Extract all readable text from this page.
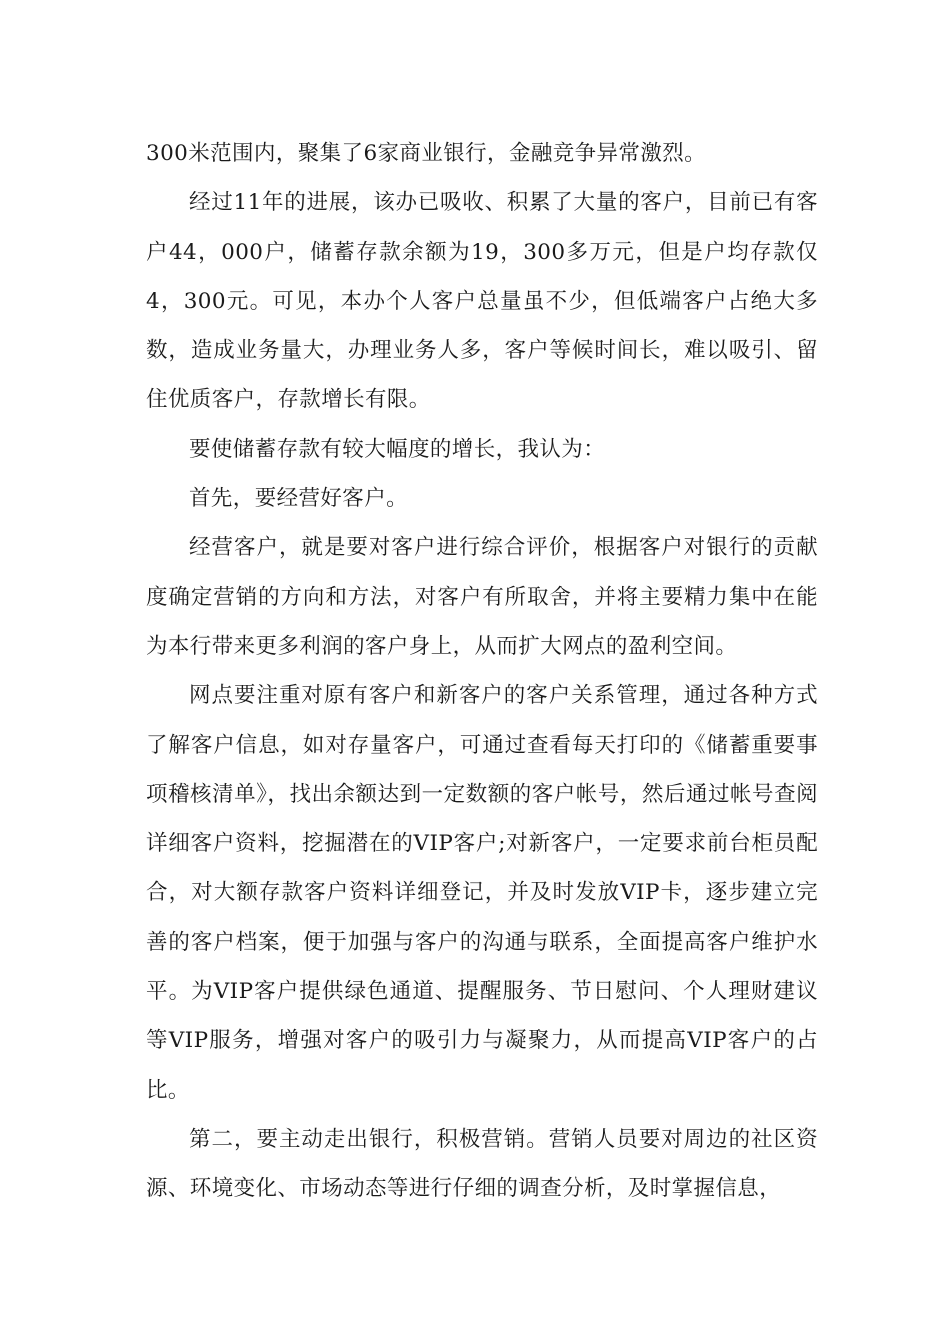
300米范围内，聚集了6家商业银行，金融竞争异常激烈。

经过11年的进展，该办已吸收、积累了大量的客户，目前已有客户44，000户，储蓄存款余额为19，300多万元，但是户均存款仅4，300元。可见，本办个人客户总量虽不少，但低端客户占绝大多数，造成业务量大，办理业务人多，客户等候时间长，难以吸引、留住优质客户，存款增长有限。

要使储蓄存款有较大幅度的增长，我认为：

首先，要经营好客户。

经营客户，就是要对客户进行综合评价，根据客户对银行的贡献度确定营销的方向和方法，对客户有所取舍，并将主要精力集中在能为本行带来更多利润的客户身上，从而扩大网点的盈利空间。

网点要注重对原有客户和新客户的客户关系管理，通过各种方式了解客户信息，如对存量客户，可通过查看每天打印的《储蓄重要事项稽核清单》，找出余额达到一定数额的客户帐号，然后通过帐号查阅详细客户资料，挖掘潜在的VIP客户;对新客户，一定要求前台柜员配合，对大额存款客户资料详细登记，并及时发放VIP卡，逐步建立完善的客户档案，便于加强与客户的沟通与联系，全面提高客户维护水平。为VIP客户提供绿色通道、提醒服务、节日慰问、个人理财建议等VIP服务，增强对客户的吸引力与凝聚力，从而提高VIP客户的占比。

第二，要主动走出银行，积极营销。营销人员要对周边的社区资源、环境变化、市场动态等进行仔细的调查分析，及时掌握信息，
